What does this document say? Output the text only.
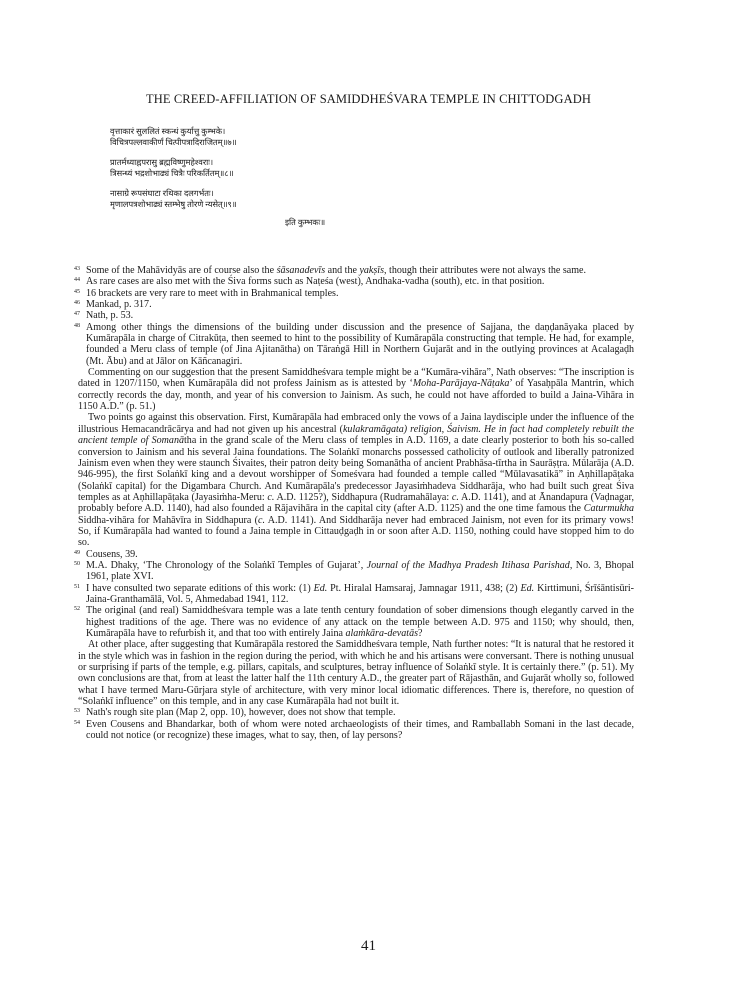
THE CREED-AFFILIATION OF SAMIDDHEŚVARA TEMPLE IN CHITTODGADH
वृत्ताकारं सुललितं स्कन्धं कुर्यात्तु कुम्भके।
विचित्रपल्लवाकीर्णं चित्पीपत्रादिराजितम्॥७॥
प्रातर्मध्याह्नपरासु ब्रह्मविष्णुमहेश्वराः।
त्रिसन्ध्यं भद्रशोभाढ्यं चित्रैः परिकर्तितम्॥८॥
नासाग्रे रूपसंघाटा रथिका दलगर्भतः।
मृणालपत्रशोभाढ्यं स्तम्भेषु तोरणे न्यसेत्॥९॥
इति कुम्भकः॥
43 Some of the Mahāvidyās are of course also the śāsanadevīs and the yakṣīs, though their attributes were not always the same.
44 As rare cases are also met with the Śiva forms such as Naṭeśa (west), Andhaka-vadha (south), etc. in that position.
45 16 brackets are very rare to meet with in Brahmanical temples.
46 Mankad, p. 317.
47 Nath, p. 53.
48 Among other things the dimensions of the building under discussion and the presence of Sajjana, the daṇḍanāyaka placed by Kumārapāla in charge of Citrakūṭa, then seemed to hint to the possibility of Kumārapāla constructing that temple. He had, for example, founded a Meru class of temple (of Jina Ajitanātha) on Tāraṅgā Hill in Northern Gujarāt and in the outlying provinces at Acalagaḍh (Mt. Ābu) and at Jālor on Kāñcanagiri.
Commenting on our suggestion that the present Samiddheśvara temple might be a “Kumāra-vihāra”, Nath observes: “The inscription is dated in 1207/1150, when Kumārapāla did not profess Jainism as is attested by ‘Moha-Parājaya-Nāṭaka’ of Yasaḥpāla Mantrin, which correctly records the day, month, and year of his conversion to Jainism. As such, he could not have afforded to build a Jaina-Vihāra in 1150 A.D.” (p. 51.)
Two points go against this observation. First, Kumārapāla had embraced only the vows of a Jaina laydisciple under the influence of the illustrious Hemacandrācārya and had not given up his ancestral (kulakramāgata) religion, Śaivism. He in fact had completely rebuilt the ancient temple of Somanātha in the grand scale of the Meru class of temples in A.D. 1169, a date clearly posterior to both his so-called conversion to Jainism and his several Jaina foundations. The Solaṅkī monarchs possessed catholicity of outlook and liberally patronized Jainism even when they were staunch Śivaites, their patron deity being Somanātha of ancient Prabhāsa-tīrtha in Saurāṣṭra. Mūlarāja (A.D. 946-995), the first Solaṅkī king and a devout worshipper of Someśvara had founded a temple called “Mūlavasatikā” in Aṇhillapāṭaka (Solaṅkī capital) for the Digambara Church. And Kumārapāla's predecessor Jayasiṁhadeva Siddharāja, who had built such great Śiva temples as at Aṇhillapāṭaka (Jayasiṁha-Meru: c. A.D. 1125?), Siddhapura (Rudramahālaya: c. A.D. 1141), and at Ānandapura (Vaḍnagar, probably before A.D. 1140), had also founded a Rājavihāra in the capital city (after A.D. 1125) and the one time famous the Caturmukha Siddha-vihāra for Mahāvīra in Siddhapura (c. A.D. 1141). And Siddharāja never had embraced Jainism, not even for its primary vows! So, if Kumārapāla had wanted to found a Jaina temple in Cittauḍgaḍh in or soon after A.D. 1150, nothing could have stopped him to do so.
49 Cousens, 39.
50 M.A. Dhaky, ‘The Chronology of the Solaṅkī Temples of Gujarat’, Journal of the Madhya Pradesh Itihasa Parishad, No. 3, Bhopal 1961, plate XVI.
51 I have consulted two separate editions of this work: (1) Ed. Pt. Hiralal Hamsaraj, Jamnagar 1911, 438; (2) Ed. Kirttimuni, Śrīśāntisūri-Jaina-Granthamālā, Vol. 5, Ahmedabad 1941, 112.
52 The original (and real) Samiddheśvara temple was a late tenth century foundation of sober dimensions though elegantly carved in the highest traditions of the age. There was no evidence of any attack on the temple between A.D. 975 and 1150; why should, then, Kumārapāla have to refurbish it, and that too with entirely Jaina alaṁkāra-devatās?
At other place, after suggesting that Kumārapāla restored the Samiddheśvara temple, Nath further notes: “It is natural that he restored it in the style which was in fashion in the region during the period, with which he and his artisans were conversant. There is nothing unusual or surprising if parts of the temple, e.g. pillars, capitals, and sculptures, betray influence of Solaṅkī style. It is certainly there.” (p. 51). My own conclusions are that, from at least the latter half the 11th century A.D., the greater part of Rājasthān, and Gujarāt wholly so, followed what I have termed Maru-Gūrjara style of architecture, with very minor local idiomatic differences. There is, therefore, no question of “Solaṅkī influence” on this temple, and in any case Kumārapāla had not built it.
53 Nath's rough site plan (Map 2, opp. 10), however, does not show that temple.
54 Even Cousens and Bhandarkar, both of whom were noted archaeologists of their times, and Ramballabh Somani in the last decade, could not notice (or recognize) these images, what to say, then, of lay persons?
41
